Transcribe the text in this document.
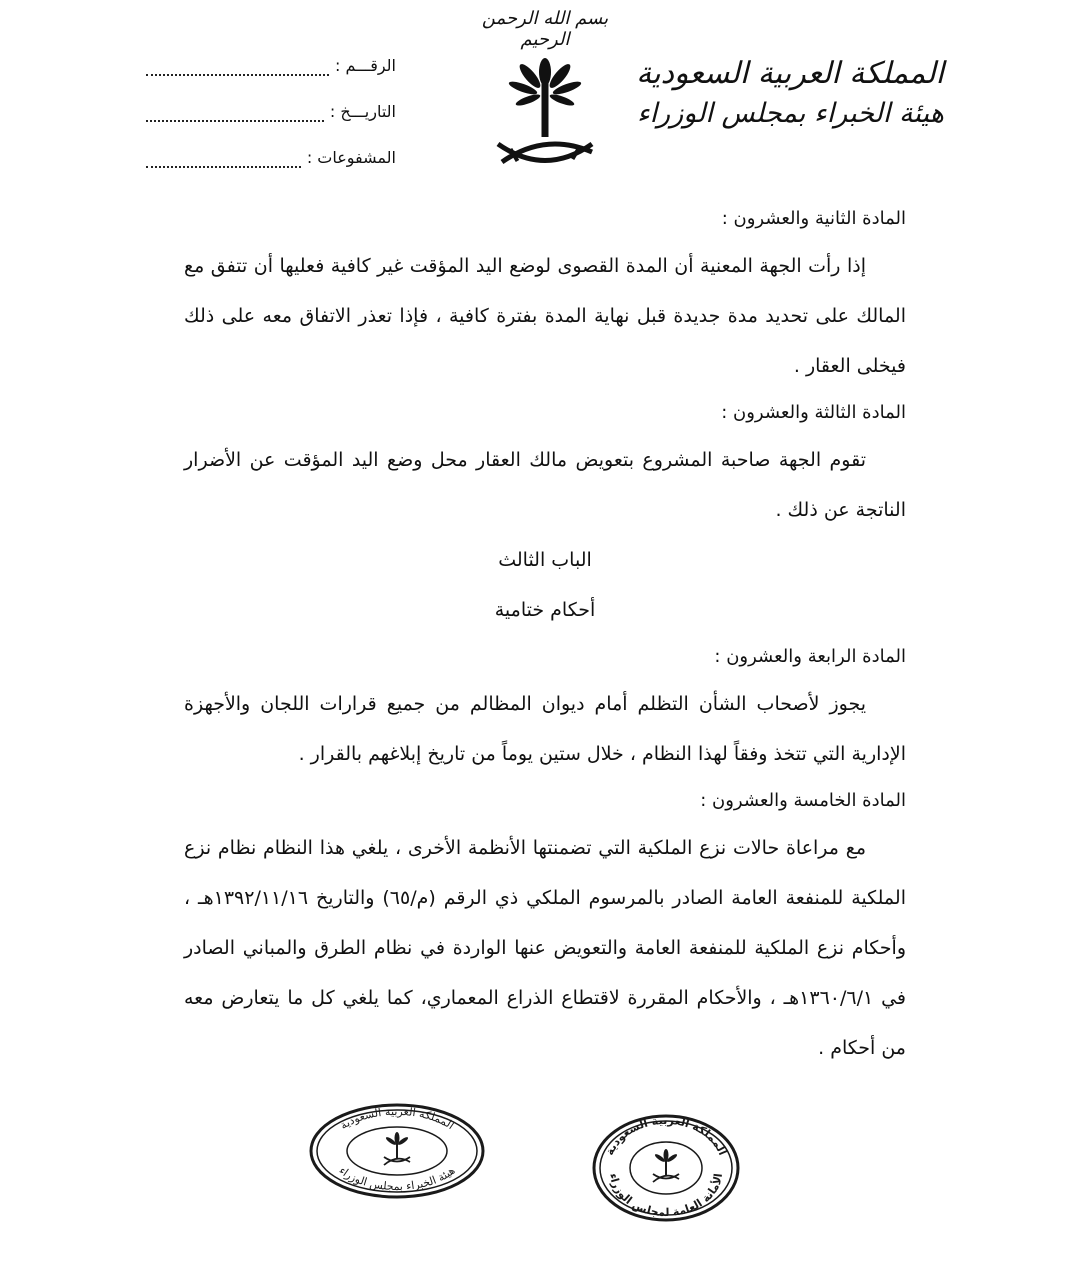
بسم الله الرحمن الرحيم
المملكة العربية السعودية
هيئة الخبراء بمجلس الوزراء
الرقـــم :
التاريـــخ :
المشفوعات :
المادة الثانية والعشرون :

إذا رأت الجهة المعنية أن المدة القصوى لوضع اليد المؤقت غير كافية فعليها أن تتفق مع المالك على تحديد مدة جديدة قبل نهاية المدة بفترة كافية ، فإذا تعذر الاتفاق معه على ذلك فيخلى العقار .

المادة الثالثة والعشرون :

تقوم الجهة صاحبة المشروع بتعويض مالك العقار محل وضع اليد المؤقت عن الأضرار الناتجة عن ذلك .

الباب الثالث
أحكام ختامية
المادة الرابعة والعشرون :

يجوز لأصحاب الشأن التظلم أمام ديوان المظالم من جميع قرارات اللجان والأجهزة الإدارية التي تتخذ وفقاً لهذا النظام ، خلال ستين يوماً من تاريخ إبلاغهم بالقرار .

المادة الخامسة والعشرون :

مع مراعاة حالات نزع الملكية التي تضمنتها الأنظمة الأخرى ، يلغي هذا النظام نظام نزع الملكية للمنفعة العامة الصادر بالمرسوم الملكي ذي الرقم (م/٦٥) والتاريخ ١٣٩٢/١١/١٦هـ ، وأحكام نزع الملكية للمنفعة العامة والتعويض عنها الواردة في نظام الطرق والمباني الصادر في ١٣٦٠/٦/١هـ ، والأحكام المقررة لاقتطاع الذراع المعماري، كما يلغي كل ما يتعارض معه من أحكام .

المملكة العربية السعودية
هيئة الخبراء بمجلس الوزراء
المملكة العربية السعودية
الأمانة العامة لمجلس الوزراء
